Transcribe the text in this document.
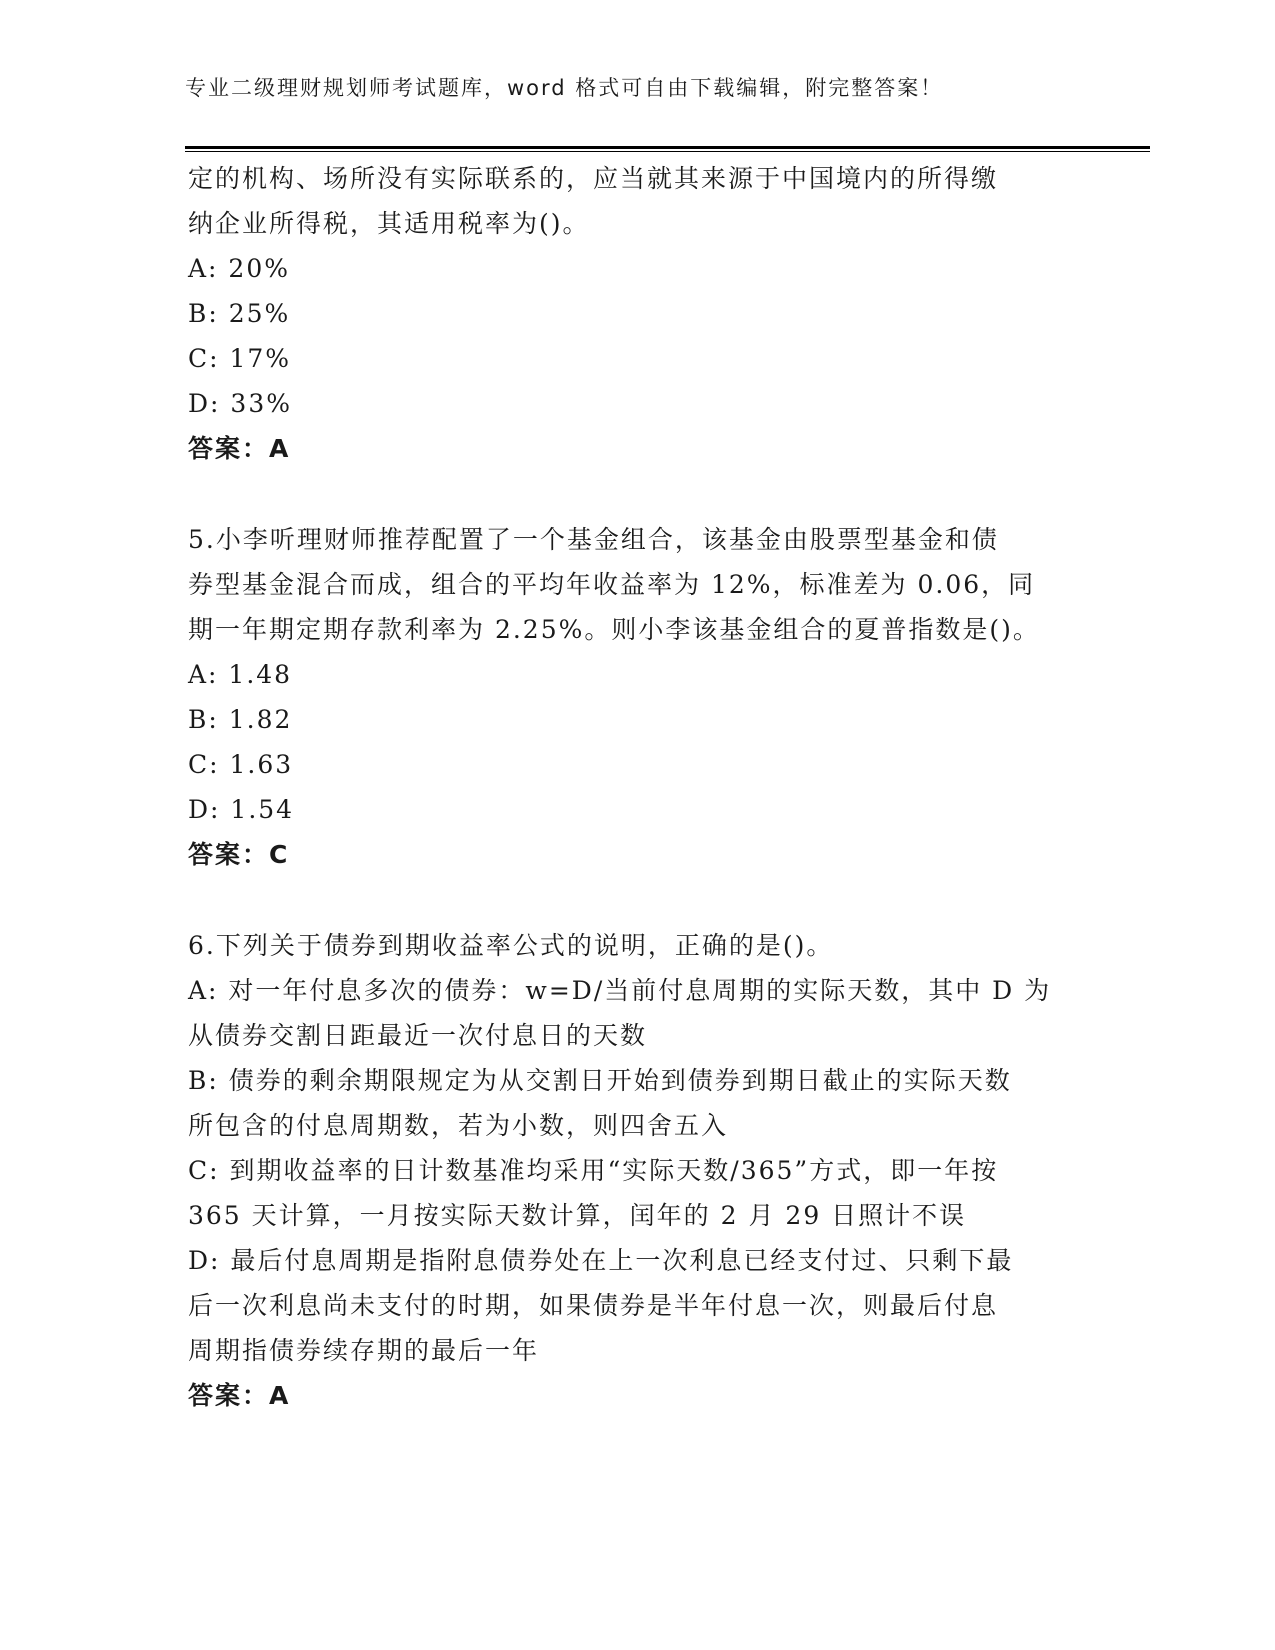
专业二级理财规划师考试题库，word 格式可自由下载编辑，附完整答案！
定的机构、场所没有实际联系的，应当就其来源于中国境内的所得缴
纳企业所得税，其适用税率为()。
A: 20%
B: 25%
C: 17%
D: 33%
答案：A
5.小李听理财师推荐配置了一个基金组合，该基金由股票型基金和债
券型基金混合而成，组合的平均年收益率为 12%，标准差为 0.06，同
期一年期定期存款利率为 2.25%。则小李该基金组合的夏普指数是()。
A: 1.48
B: 1.82
C: 1.63
D: 1.54
答案：C
6.下列关于债券到期收益率公式的说明，正确的是()。
A: 对一年付息多次的债券：w=D/当前付息周期的实际天数，其中 D 为
从债券交割日距最近一次付息日的天数
B: 债券的剩余期限规定为从交割日开始到债券到期日截止的实际天数
所包含的付息周期数，若为小数，则四舍五入
C: 到期收益率的日计数基准均采用“实际天数/365”方式，即一年按
365 天计算，一月按实际天数计算，闰年的 2 月 29 日照计不误
D: 最后付息周期是指附息债券处在上一次利息已经支付过、只剩下最
后一次利息尚未支付的时期，如果债券是半年付息一次，则最后付息
周期指债券续存期的最后一年
答案：A
